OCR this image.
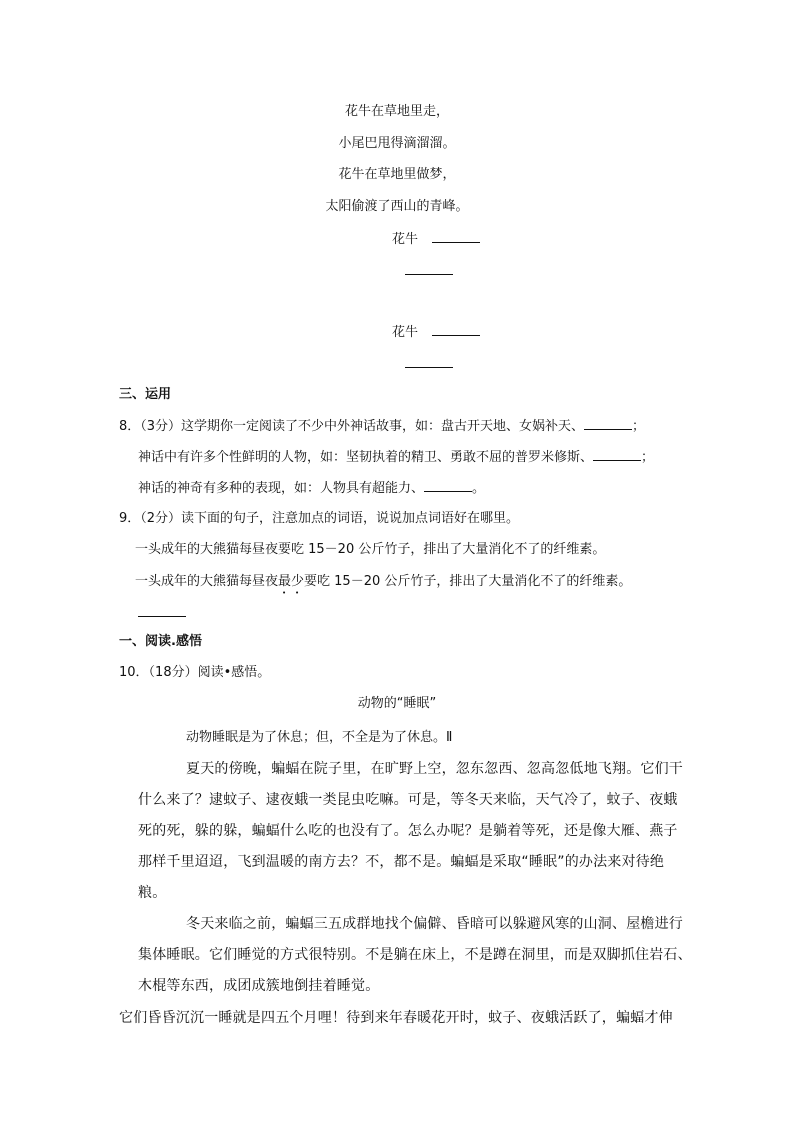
花牛在草地里走，
小尾巴甩得滴溜溜。
花牛在草地里做梦，
太阳偷渡了西山的青峰。
花牛
花牛
三、运用
8．（3分）这学期你一定阅读了不少中外神话故事，如：盘古开天地、女娲补天、	；
神话中有许多个性鲜明的人物，如：坚韧执着的精卫、勇敢不屈的普罗米修斯、	；
神话的神奇有多种的表现，如：人物具有超能力、	。
9．（2分）读下面的句子，注意加点的词语，说说加点词语好在哪里。
一头成年的大熊猫每昼夜要吃 15－20 公斤竹子，排出了大量消化不了的纤维素。
一头成年的大熊猫每昼夜最少要吃 15－20 公斤竹子，排出了大量消化不了的纤维素。
一、阅读.感悟
10．（18分）阅读•感悟。
动物的“睡眠”
动物睡眠是为了休息；但，不全是为了休息。Ⅱ
夏天的傍晚，蝙蝠在院子里，在旷野上空，忽东忽西、忽高忽低地飞翔。它们干
什么来了？逮蚊子、逮夜蛾一类昆虫吃嘛。可是，等冬天来临，天气冷了，蚊子、夜蛾
死的死，躲的躲，蝙蝠什么吃的也没有了。怎么办呢？是躺着等死，还是像大雁、燕子
那样千里迢迢，飞到温暖的南方去？不，都不是。蝙蝠是采取“睡眠”的办法来对待绝
粮。
冬天来临之前，蝙蝠三五成群地找个偏僻、昏暗可以躲避风寒的山洞、屋檐进行
集体睡眠。它们睡觉的方式很特别。不是躺在床上，不是蹲在洞里，而是双脚抓住岩石、
木棍等东西，成团成簇地倒挂着睡觉。
它们昏昏沉沉一睡就是四五个月哩！待到来年春暖花开时，蚊子、夜蛾活跃了，蝙蝠才伸
